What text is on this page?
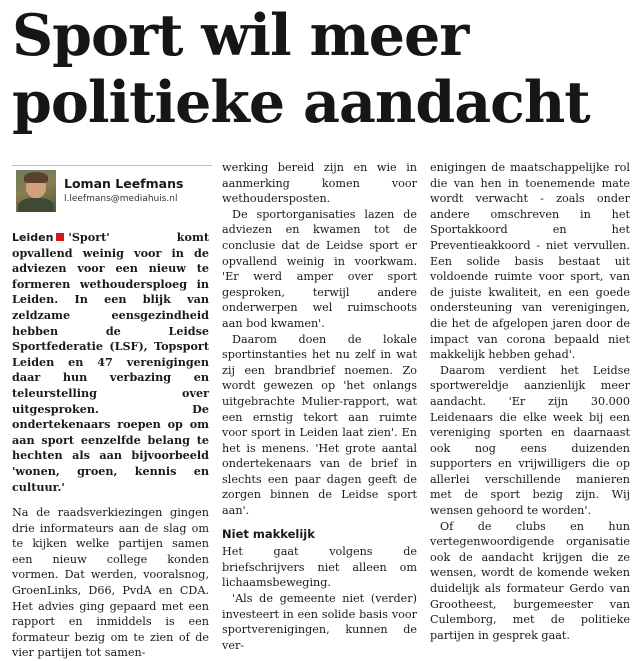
Sport wil meer politieke aandacht
Loman Leefmans
l.leefmans@mediahuis.nl

Leiden 'Sport' komt opvallend weinig voor in de adviezen voor een nieuw te formeren wethoudersploeg in Leiden. In een blijk van zeldzame eensgezindheid hebben de Leidse Sportfederatie (LSF), Topsport Leiden en 47 verenigingen daar hun verbazing en teleurstelling over uitgesproken. De ondertekenaars roepen op om aan sport eenzelfde belang te hechten als aan bijvoorbeeld 'wonen, groen, kennis en cultuur.'

Na de raadsverkiezingen gingen drie informateurs aan de slag om te kijken welke partijen samen een nieuw college konden vormen. Dat werden, vooralsnog, GroenLinks, D66, PvdA en CDA. Het advies ging gepaard met een rapport en inmiddels is een formateur bezig om te zien of de vier partijen tot samen-

werking bereid zijn en wie in aanmerking komen voor wethoudersposten.

De sportorganisaties lazen de adviezen en kwamen tot de conclusie dat de Leidse sport er opvallend weinig in voorkwam. 'Er werd amper over sport gesproken, terwijl andere onderwerpen wel ruimschoots aan bod kwamen'.

Daarom doen de lokale sportinstanties het nu zelf in wat zij een brandbrief noemen. Zo wordt gewezen op 'het onlangs uitgebrachte Mulier-rapport, wat een ernstig tekort aan ruimte voor sport in Leiden laat zien'. En het is menens. 'Het grote aantal ondertekenaars van de brief in slechts een paar dagen geeft de zorgen binnen de Leidse sport aan'.

Niet makkelijk

Het gaat volgens de briefschrijvers niet alleen om lichaamsbeweging.

'Als de gemeente niet (verder) investeert in een solide basis voor sportverenigingen, kunnen de ver-

enigingen de maatschappelijke rol die van hen in toenemende mate wordt verwacht - zoals onder andere omschreven in het Sportakkoord en het Preventieakkoord - niet vervullen. Een solide basis bestaat uit voldoende ruimte voor sport, van de juiste kwaliteit, en een goede ondersteuning van verenigingen, die het de afgelopen jaren door de impact van corona bepaald niet makkelijk hebben gehad'.

Daarom verdient het Leidse sportwereldje aanzienlijk meer aandacht. 'Er zijn 30.000 Leidenaars die elke week bij een vereniging sporten en daarnaast ook nog eens duizenden supporters en vrijwilligers die op allerlei verschillende manieren met de sport bezig zijn. Wij wensen gehoord te worden'.

Of de clubs en hun vertegenwoordigende organisatie ook de aandacht krijgen die ze wensen, wordt de komende weken duidelijk als formateur Gerdo van Grootheest, burgemeester van Culemborg, met de politieke partijen in gesprek gaat.
